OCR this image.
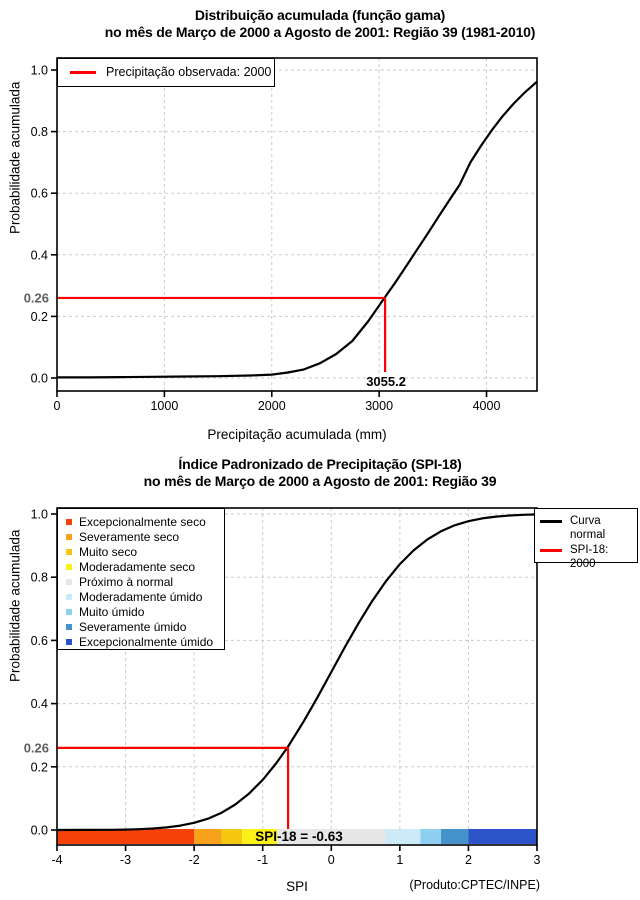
0	1000	2000	3000	4000
0.0
0.2
0.4
0.6
0.8
1.0
0.26
3055.2
-4	-3	-2	-1	0	1	2	3
0.0
0.2
0.4
0.6
0.8
1.0
0.26
SPI-18 = -0.63
Distribuição acumulada (função gama)
no mês de Março de 2000 a Agosto de 2001: Região 39 (1981-2010)
Probabilidade acumulada
Precipitação acumulada (mm)
Precipitação observada: 2000
Índice Padronizado de Precipitação (SPI-18)
no mês de Março de 2000 a Agosto de 2001: Região 39
Probabilidade acumulada
SPI
Excepcionalmente seco
Severamente seco
Muito seco
Moderadamente seco
Próximo à normal
Moderadamente úmido
Muito úmido
Severamente úmido
Excepcionalmente úmido
Curva normal
SPI-18: 2000
(Produto:CPTEC/INPE)
